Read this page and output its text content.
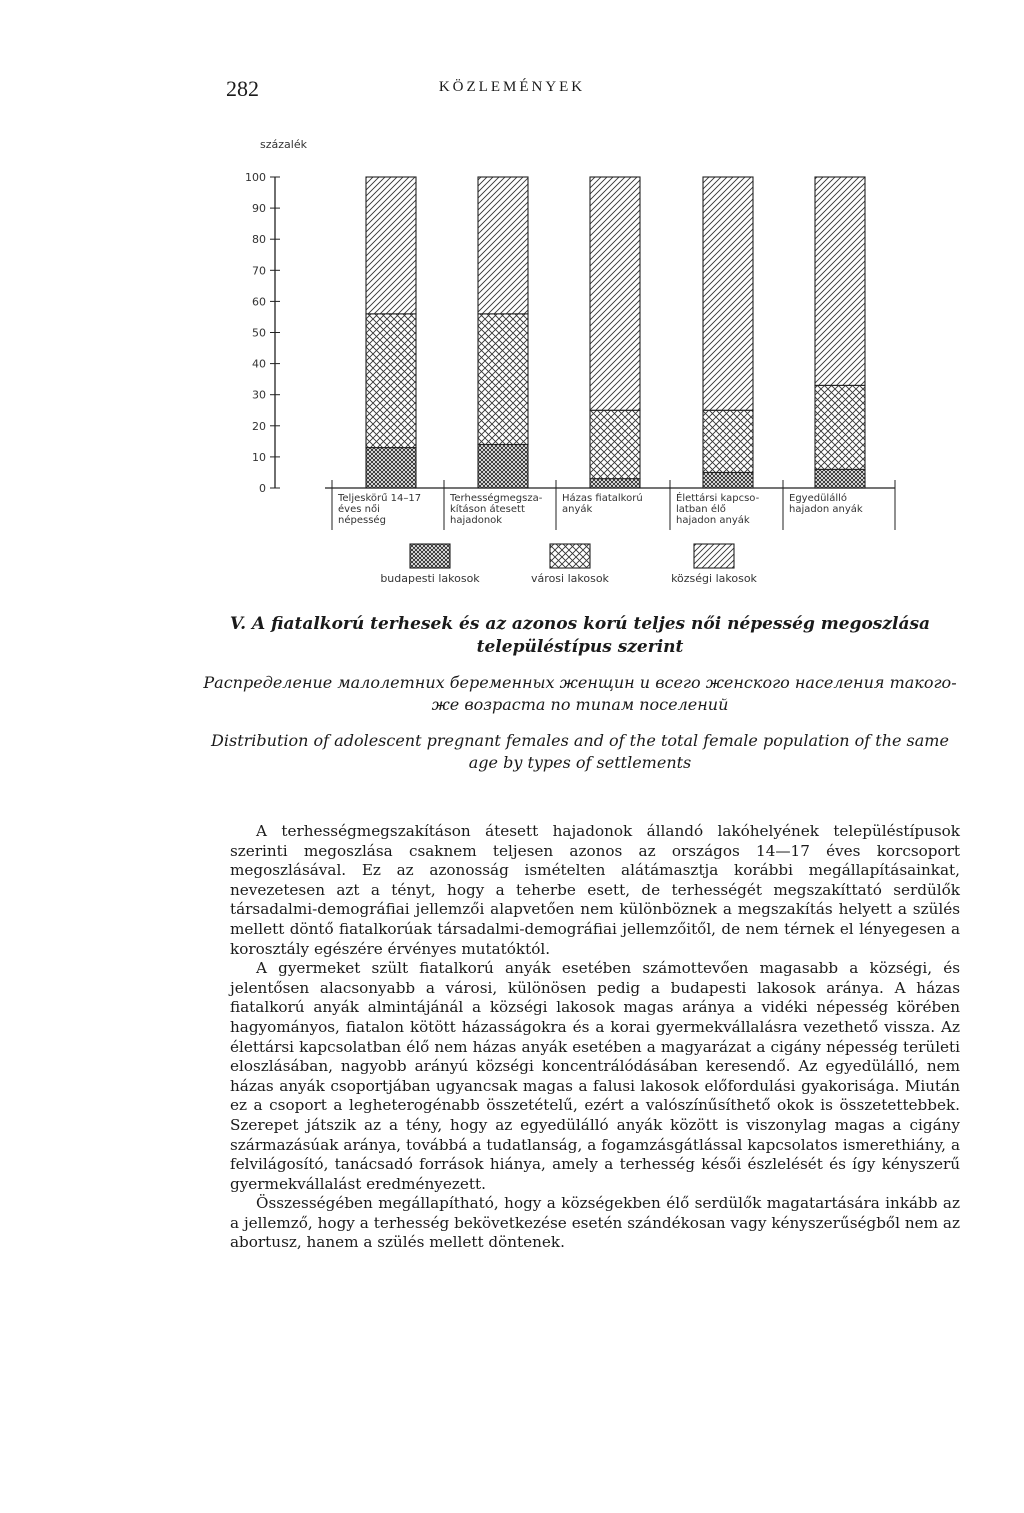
282	KÖZLEMÉNYEK
százalék
0
10
20
30
40
50
60
70
80
90
100
Teljeskörű 14–17
éves női
népesség
Terhességmegsza-
kításon átesett
hajadonok
Házas fiatalkorú
anyák
Élettársi kapcso-
latban élő
hajadon anyák
Egyedülálló
hajadon anyák
budapesti lakosok	városi lakosok	községi lakosok
V. A fiatalkorú terhesek és az azonos korú teljes női népesség megoszlása településtípus szerint
Распределение малолетних беременных женщин и всего женского населения такого-же возраста по типам поселений
Distribution of adolescent pregnant females and of the total female population of the same age by types of settlements

A terhességmegszakításon átesett hajadonok állandó lakóhelyének településtípusok szerinti megoszlása csaknem teljesen azonos az országos 14—17 éves korcsoport megoszlásával. Ez az azonosság ismételten alátámasztja korábbi megállapításainkat, nevezetesen azt a tényt, hogy a teherbe esett, de terhességét megszakíttató serdülők társadalmi-demográfiai jellemzői alapvetően nem különböznek a megszakítás helyett a szülés mellett döntő fiatalkorúak társadalmi-demográfiai jellemzőitől, de nem térnek el lényegesen a korosztály egészére érvényes mutatóktól.

A gyermeket szült fiatalkorú anyák esetében számottevően magasabb a községi, és jelentősen alacsonyabb a városi, különösen pedig a budapesti lakosok aránya. A házas fiatalkorú anyák almintájánál a községi lakosok magas aránya a vidéki népesség körében hagyományos, fiatalon kötött házasságokra és a korai gyermekvállalásra vezethető vissza. Az élettársi kapcsolatban élő nem házas anyák esetében a magyarázat a cigány népesség területi eloszlásában, nagyobb arányú községi koncentrálódásában keresendő. Az egyedülálló, nem házas anyák csoportjában ugyancsak magas a falusi lakosok előfordulási gyakorisága. Miután ez a csoport a legheterogénabb összetételű, ezért a valószínűsíthető okok is összetettebbek. Szerepet játszik az a tény, hogy az egyedülálló anyák között is viszonylag magas a cigány származásúak aránya, továbbá a tudatlanság, a fogamzásgátlással kapcsolatos ismerethiány, a felvilágosító, tanácsadó források hiánya, amely a terhesség késői észlelését és így kényszerű gyermekvállalást eredményezett.

Összességében megállapítható, hogy a községekben élő serdülők magatartására inkább az a jellemző, hogy a terhesség bekövetkezése esetén szándékosan vagy kényszerűségből nem az abortusz, hanem a szülés mellett döntenek.
